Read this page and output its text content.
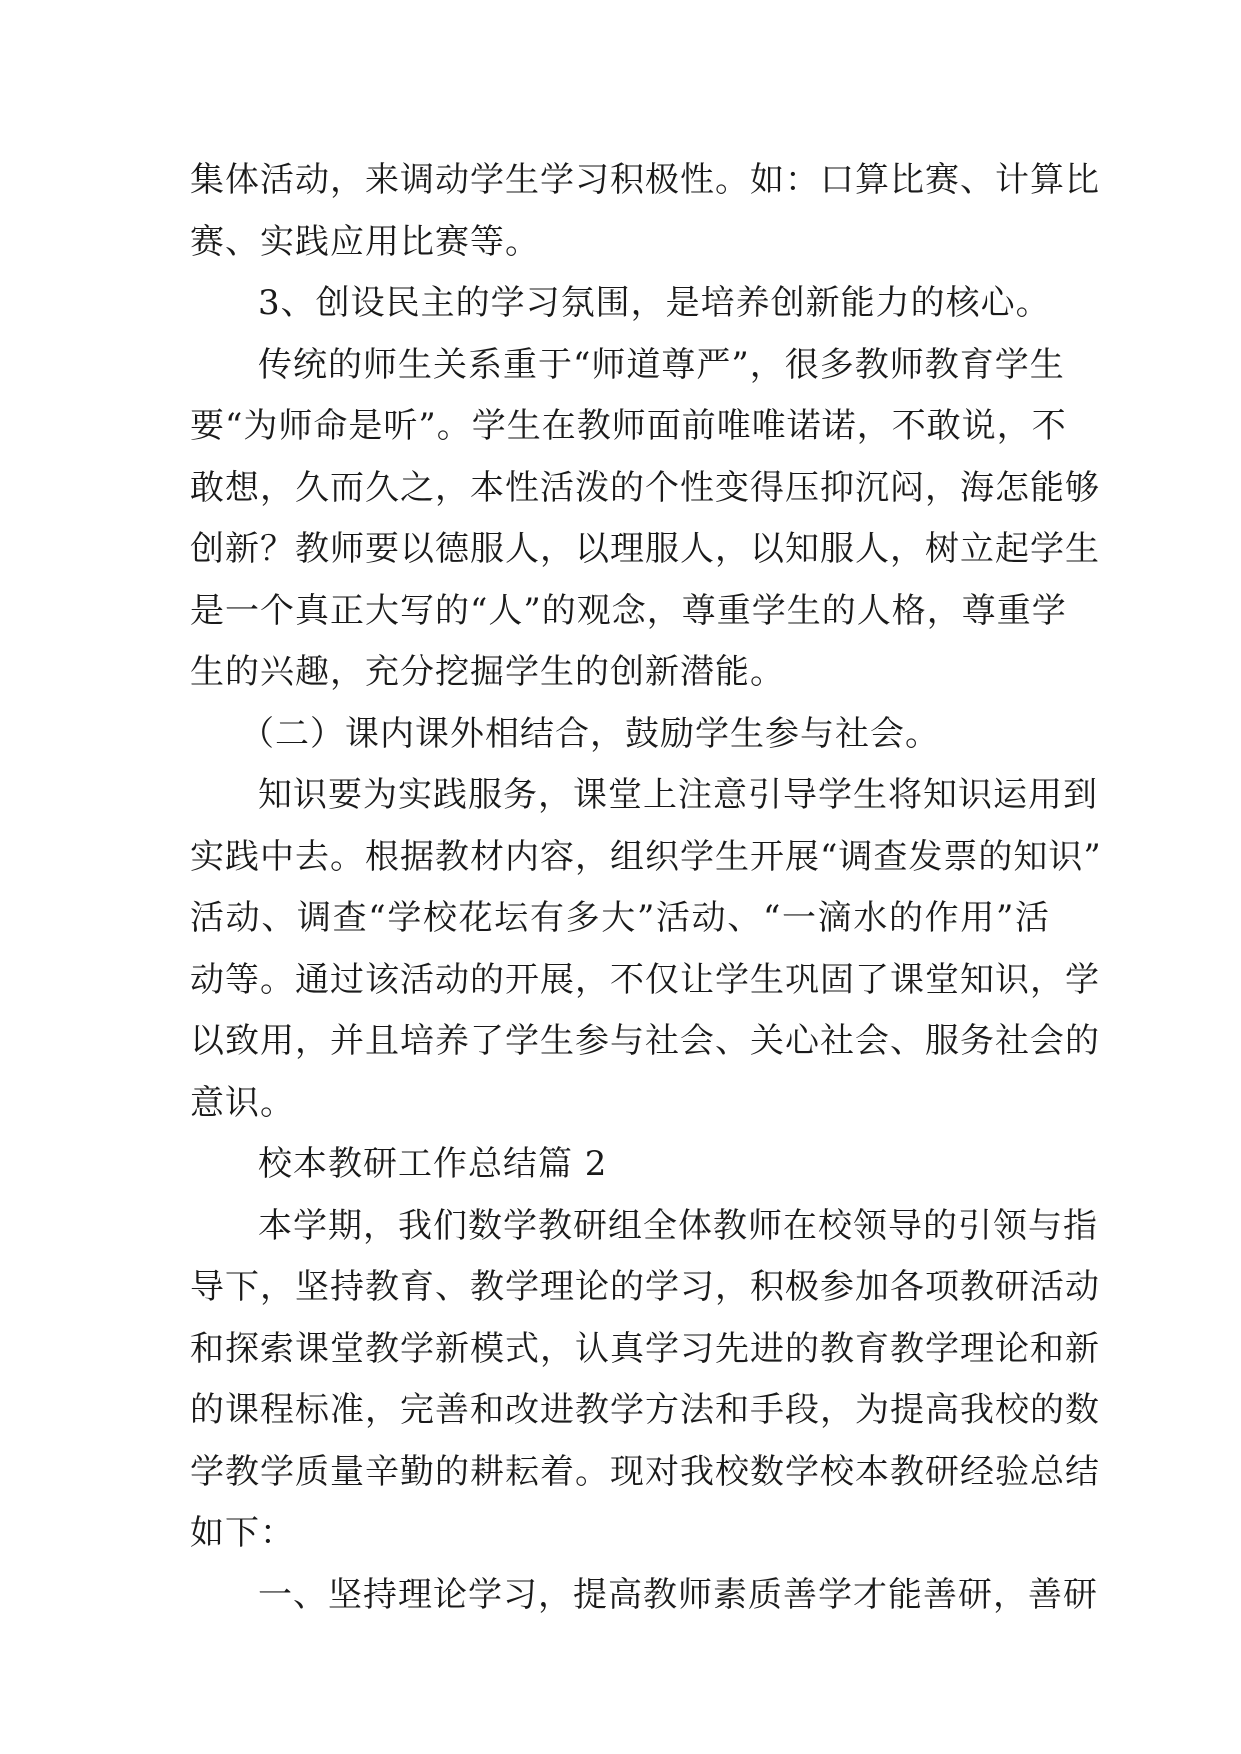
集体活动，来调动学生学习积极性。如：口算比赛、计算比
赛、实践应用比赛等。

3、创设民主的学习氛围，是培养创新能力的核心。

传统的师生关系重于“师道尊严”，很多教师教育学生
要“为师命是听”。学生在教师面前唯唯诺诺，不敢说，不
敢想，久而久之，本性活泼的个性变得压抑沉闷，海怎能够
创新？教师要以德服人，以理服人，以知服人，树立起学生
是一个真正大写的“人”的观念，尊重学生的人格，尊重学
生的兴趣，充分挖掘学生的创新潜能。

（二）课内课外相结合，鼓励学生参与社会。

知识要为实践服务，课堂上注意引导学生将知识运用到
实践中去。根据教材内容，组织学生开展“调查发票的知识”
活动、调查“学校花坛有多大”活动、“一滴水的作用”活
动等。通过该活动的开展，不仅让学生巩固了课堂知识，学
以致用，并且培养了学生参与社会、关心社会、服务社会的
意识。

校本教研工作总结篇 2

本学期，我们数学教研组全体教师在校领导的引领与指
导下，坚持教育、教学理论的学习，积极参加各项教研活动
和探索课堂教学新模式，认真学习先进的教育教学理论和新
的课程标准，完善和改进教学方法和手段，为提高我校的数
学教学质量辛勤的耕耘着。现对我校数学校本教研经验总结
如下：

一、坚持理论学习，提高教师素质善学才能善研，善研
